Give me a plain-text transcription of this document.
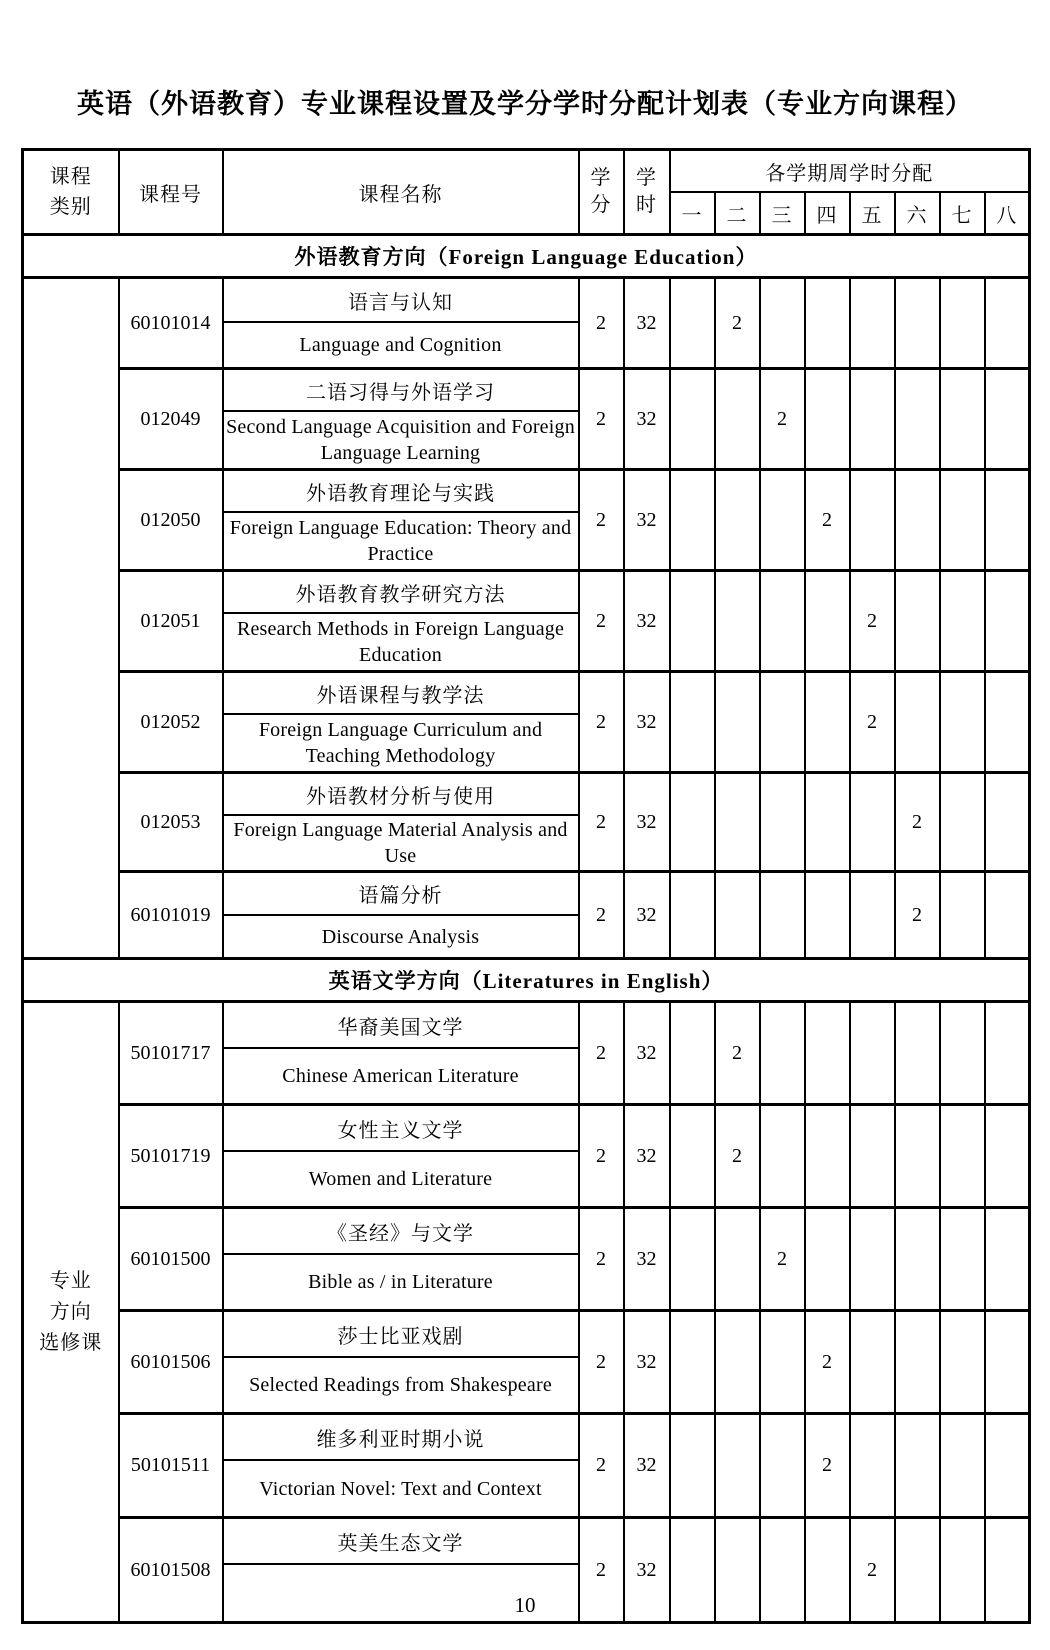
英语（外语教育）专业课程设置及学分学时分配计划表（专业方向课程）
课程类别	课程号	课程名称	学分	学时	各学期周学时分配							
					一	二	三	四	五	六	七	八
外语教育方向（Foreign Language Education）												
	60101014	语言与认知	2	32		2						
		Language and Cognition										
	012049	二语习得与外语学习	2	32			2					
		Second Language Acquisition and Foreign Language Learning										
	012050	外语教育理论与实践	2	32				2				
		Foreign Language Education: Theory and Practice										
	012051	外语教育教学研究方法	2	32					2			
		Research Methods in Foreign Language Education										
	012052	外语课程与教学法	2	32					2			
		Foreign Language Curriculum and Teaching Methodology										
	012053	外语教材分析与使用	2	32						2		
		Foreign Language Material Analysis and Use										
	60101019	语篇分析	2	32						2		
		Discourse Analysis										
英语文学方向（Literatures in English）												

专业
方向
选修课	50101717	华裔美国文学	2	32		2						
		Chinese American Literature										
	50101719	女性主义文学	2	32		2						
		Women and Literature										
	60101500	《圣经》与文学	2	32			2					
		Bible as / in Literature										
	60101506	莎士比亚戏剧	2	32				2				
		Selected Readings from Shakespeare										
	50101511	维多利亚时期小说	2	32				2				
		Victorian Novel: Text and Context										
	60101508	英美生态文学	2	32					2			

10
